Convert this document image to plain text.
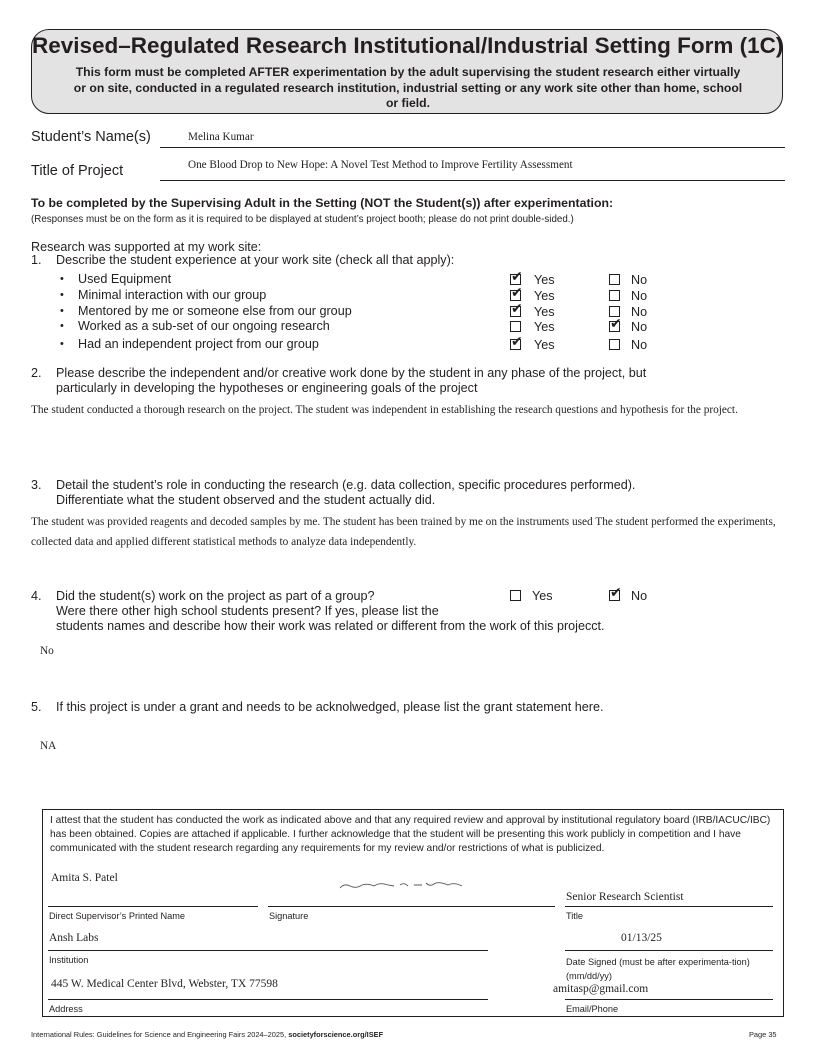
Revised–Regulated Research Institutional/Industrial Setting Form (1C)
This form must be completed AFTER experimentation by the adult supervising the student research either virtually or on site, conducted in a regulated research institution, industrial setting or any work site other than home, school or field.
Student’s Name(s)	Melina Kumar
Title of Project	One Blood Drop to New Hope: A Novel Test Method to Improve Fertility Assessment
To be completed by the Supervising Adult in the Setting (NOT the Student(s)) after experimentation:
(Responses must be on the form as it is required to be displayed at student’s project booth; please do not print double-sided.)
Research was supported at my work site:
1. Describe the student experience at your work site (check all that apply):
• Used Equipment	✔ Yes	No
• Minimal interaction with our group	✔ Yes	No
• Mentored by me or someone else from our group	✔ Yes	No
• Worked as a sub-set of our ongoing research	Yes	✔ No
• Had an independent project from our group	✔ Yes	No
2. Please describe the independent and/or creative work done by the student in any phase of the project, but
particularly in developing the hypotheses or engineering goals of the project
The student conducted a thorough research on the project. The student was independent in establishing the research questions and hypothesis for the project.
3. Detail the student’s role in conducting the research (e.g. data collection, specific procedures performed).
Differentiate what the student observed and the student actually did.
The student was provided reagents and decoded samples by me. The student has been trained by me on the instruments used The student performed the experiments, collected data and applied different statistical methods to analyze data independently.
4. Did the student(s) work on the project as part of a group?
Were there other high school students present? If yes, please list the
students names and describe how their work was related or different from the work of this projecct.
Yes	✔ No
No
5. If this project is under a grant and needs to be acknolwedged, please list the grant statement here.
NA
I attest that the student has conducted the work as indicated above and that any required review and approval by institutional regulatory board (IRB/IACUC/IBC) has been obtained. Copies are attached if applicable. I further acknowledge that the student will be presenting this work publicly in competition and I have communicated with the student research regarding any requirements for my review and/or restrictions of what is publicized.
Amita S. Patel
Direct Supervisor’s Printed Name	Signature
Senior Research Scientist
Title
Ansh Labs
Institution
01/13/25
Date Signed (must be after experimenta-tion) (mm/dd/yy)
445 W. Medical Center Blvd, Webster, TX 77598
Address
amitasp@gmail.com
Email/Phone
International Rules: Guidelines for Science and Engineering Fairs 2024–2025, societyforscience.org/ISEF	Page 35
